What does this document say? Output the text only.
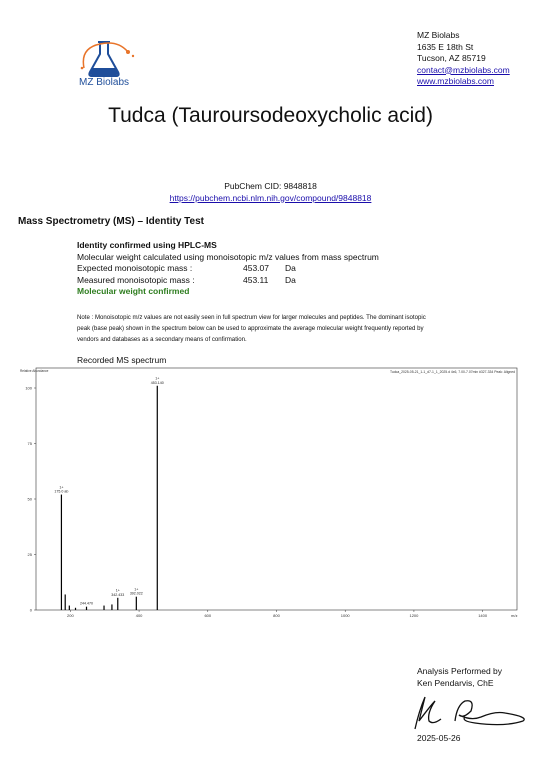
MZ Biolabs
MZ Biolabs
1635 E 18th St
Tucson, AZ 85719
contact@mzbiolabs.com
www.mzbiolabs.com
Tudca (Tauroursodeoxycholic acid)
PubChem CID: 9848818
https://pubchem.ncbi.nlm.nih.gov/compound/9848818
Mass Spectrometry (MS) – Identity Test
Identity confirmed using HPLC-MS
Molecular weight calculated using monoisotopic m/z values from mass spectrum
Expected monoisotopic mass :	453.07 Da
Measured monoisotopic mass :	453.11 Da
Molecular weight confirmed
Note : Monoisotopic m/z values are not easily seen in full spectrum view for larger molecules and peptides. The dominant isotopic peak (base peak) shown in the spectrum below can be used to approximate the average molecular weight frequently reported by vendors and databases as a secondary means of confirmation.
Recorded MS spectrum
Tudca_2025-05-21_1-1_d7-1_1_2025.d 4x6, 7.00-7.07min #327-334 Peak: Aligned
Relative Abundance
m/z
200	400	600	800	1000	1200	1400
0
25
50
75
100
1+
175.0 ab
244.470
1+
342.433
1+
392.022
1+
453.140
Analysis Performed by
Ken Pendarvis, ChE
2025-05-26
